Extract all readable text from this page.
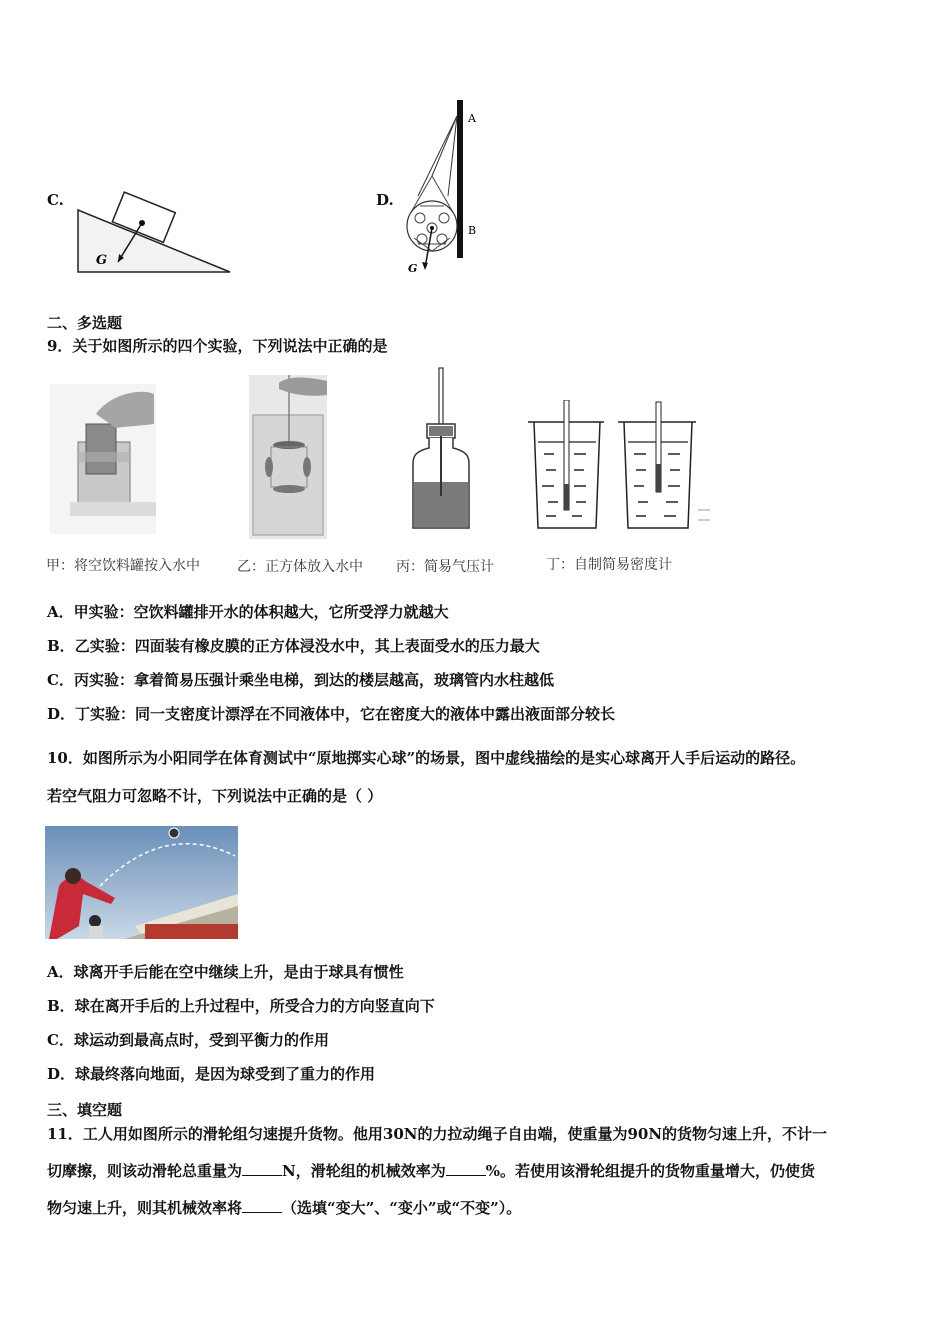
C.
G
D.
A
B
G
二、多选题
9．关于如图所示的四个实验，下列说法中正确的是
甲：将空饮料罐按入水中	乙：正方体放入水中 丙：简易气压计	丁：自制简易密度计
A．甲实验：空饮料罐排开水的体积越大，它所受浮力就越大
B．乙实验：四面装有橡皮膜的正方体浸没水中，其上表面受水的压力最大
C．丙实验：拿着简易压强计乘坐电梯，到达的楼层越高，玻璃管内水柱越低
D．丁实验：同一支密度计漂浮在不同液体中，它在密度大的液体中露出液面部分较长
10．如图所示为小阳同学在体育测试中“原地掷实心球”的场景，图中虚线描绘的是实心球离开人手后运动的路径。
若空气阻力可忽略不计，下列说法中正确的是（ ）
A．球离开手后能在空中继续上升，是由于球具有惯性
B．球在离开手后的上升过程中，所受合力的方向竖直向下
C．球运动到最高点时，受到平衡力的作用
D．球最终落向地面，是因为球受到了重力的作用
三、填空题
11．工人用如图所示的滑轮组匀速提升货物。他用30N的力拉动绳子自由端，使重量为90N的货物匀速上升，不计一
切摩擦，则该动滑轮总重量为	N，滑轮组的机械效率为	%。若使用该滑轮组提升的货物重量增大，仍使货
物匀速上升，则其机械效率将	（选填“变大”、“变小”或“不变”）。
